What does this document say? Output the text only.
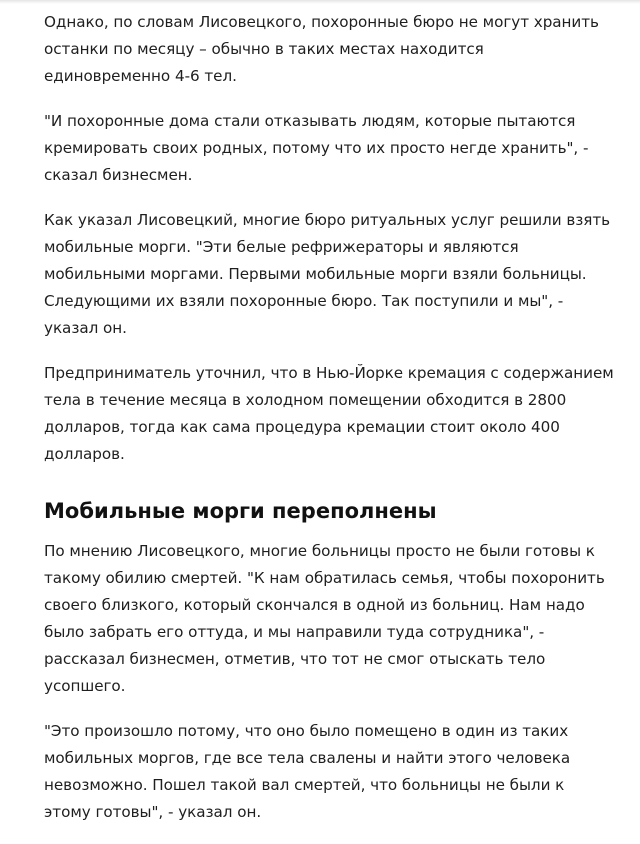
Однако, по словам Лисовецкого, похоронные бюро не могут хранить останки по месяцу – обычно в таких местах находится единовременно 4-6 тел.

"И похоронные дома стали отказывать людям, которые пытаются кремировать своих родных, потому что их просто негде хранить", - сказал бизнесмен.

Как указал Лисовецкий, многие бюро ритуальных услуг решили взять мобильные морги. "Эти белые рефрижераторы и являются мобильными моргами. Первыми мобильные морги взяли больницы. Следующими их взяли похоронные бюро. Так поступили и мы", - указал он.

Предприниматель уточнил, что в Нью-Йорке кремация с содержанием тела в течение месяца в холодном помещении обходится в 2800 долларов, тогда как сама процедура кремации стоит около 400 долларов.

Мобильные морги переполнены

По мнению Лисовецкого, многие больницы просто не были готовы к такому обилию смертей. "К нам обратилась семья, чтобы похоронить своего близкого, который скончался в одной из больниц. Нам надо было забрать его оттуда, и мы направили туда сотрудника", - рассказал бизнесмен, отметив, что тот не смог отыскать тело усопшего.

"Это произошло потому, что оно было помещено в один из таких мобильных моргов, где все тела свалены и найти этого человека невозможно. Пошел такой вал смертей, что больницы не были к этому готовы", - указал он.
